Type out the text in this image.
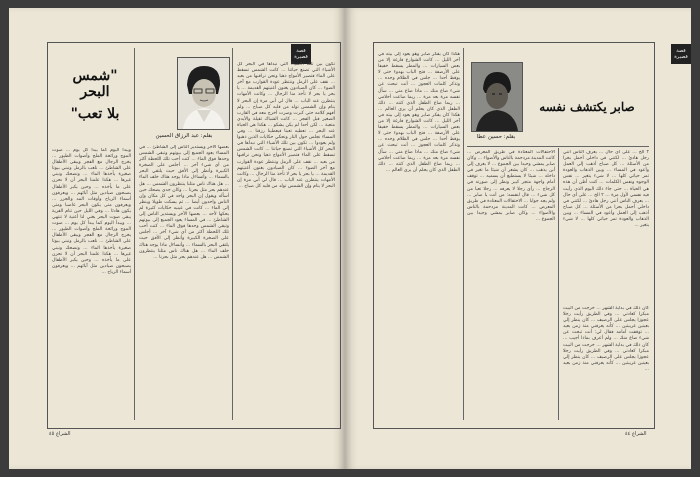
قصة قصيرة
تكون بين تلك الأشياء التي نبدأها في البحر كل الأشياء التي تصنع حياتنا ... كانت الشمس تسقط على الماء فتصير الأمواج ذهبا ونحن نراقبها من بعيد ... نقف على الرمل وننتظر عودة القوارب مع آخر الضوء ... كان الصيادون يغنون أغنيتهم القديمة ... يا بحر يا بحر لا تأخذ منا الرجال ... وكانت الأمهات ينتظرن عند الباب ... قال لي أبي مرة إن البحر لا ينام وإن الشمس تولد من قلبه كل صباح ... ولم أفهم كلامه حتى كبرت وصرت أخرج معه في القارب الصغير قبل الفجر ... كانت الشباك ثقيلة والأيدي متعبة ... لكن أحدا لم يكن يشكو ... هكذا هي الحياة عند البحر ... نعطيه تعبنا فيعطينا رزقنا ... وفي المساء نجلس حول النار ونحكي حكايات الذين ذهبوا ولم يعودوا ... تكون بين تلك الأشياء التي نبدأها في البحر كل الأشياء التي تصنع حياتنا ... كانت الشمس تسقط على الماء فتصير الأمواج ذهبا ونحن نراقبها من بعيد ... نقف على الرمل وننتظر عودة القوارب مع آخر الضوء ... كان الصيادون يغنون أغنيتهم القديمة ... يا بحر يا بحر لا تأخذ منا الرجال ... وكانت الأمهات ينتظرن عند الباب ... قال لي أبي مرة إن البحر لا ينام وإن الشمس تولد من قلبه كل صباح ...
بقلم: عبد الرزاق الحسين
بعضها الآخر ويستدير الناس إلى الشاطئ ... في المساء يعود الجميع إلى بيوتهم وتبقى الشمس وحدها فوق الماء ... كنت أحب تلك اللحظة أكثر من أي شيء آخر ... أجلس على الصخرة الكبيرة وأنظر إلى الأفق حيث يلتقي البحر بالسماء ... وأتساءل ماذا يوجد هناك خلف الماء ... هل هناك ناس مثلنا ينتظرون الشمس ... هل عندهم بحر مثل بحرنا ... وكان جدي يضحك حين أسأله ويقول إن البحر واحد في كل مكان وإن الناس واحدون أيضا ... ثم يسكت طويلا وينظر إلى الماء ... كانت في عينيه حكايات كثيرة لم يحكها لأحد ... بعضها الآخر ويستدير الناس إلى الشاطئ ... في المساء يعود الجميع إلى بيوتهم وتبقى الشمس وحدها فوق الماء ... كنت أحب تلك اللحظة أكثر من أي شيء آخر ... أجلس على الصخرة الكبيرة وأنظر إلى الأفق حيث يلتقي البحر بالسماء ... وأتساءل ماذا يوجد هناك خلف الماء ... هل هناك ناس مثلنا ينتظرون الشمس ... هل عندهم بحر مثل بحرنا ...
"شمس البحر
بلا تعب"
ويبدأ اليوم كما يبدأ كل يوم ... صوت الموج ورائحة الملح وأصوات الطيور ... يخرج الرجال مع الفجر ويبقى الأطفال على الشاطئ ... نلعب بالرمل ونبني بيوتا صغيرة يأخذها الماء ... ونضحك ونبني غيرها ... هكذا علمنا البحر أن لا نحزن على ما يأخذه ... وحين يكبر الأطفال يصبحون صيادين مثل آبائهم ... ويعرفون أسماء الرياح وأوقات المد والجزر ... ويعرفون متى يكون البحر غاضبا ومتى يكون هادئا ... وفي الليل حين تنام القرية يبقى صوت البحر يغني لنا أغنية لا تنتهي ... ويبدأ اليوم كما يبدأ كل يوم ... صوت الموج ورائحة الملح وأصوات الطيور ... يخرج الرجال مع الفجر ويبقى الأطفال على الشاطئ ... نلعب بالرمل ونبني بيوتا صغيرة يأخذها الماء ... ونضحك ونبني غيرها ... هكذا علمنا البحر أن لا نحزن على ما يأخذه ... وحين يكبر الأطفال يصبحون صيادين مثل آبائهم ... ويعرفون أسماء الرياح ...
الشراع ٤٥
قصة قصيرة
هكذا كان يفكر صابر وهو يعود إلى بيته في آخر الليل ... كانت الشوارع فارغة إلا من بعض السيارات ... والمطر يسقط خفيفا على الأرصفة ... فتح الباب بهدوء حتى لا يوقظ أحدا ... جلس في الظلام وحده ... وتذكر كلمات العجوز ... أنت تبحث عن شيء ضاع منك ... ماذا ضاع مني ... سأل نفسه مرة بعد مرة ... ربما ضاعت أحلامي ... ربما ضاع الطفل الذي كنته ... ذلك الطفل الذي كان يحلم أن يرى العالم ... هكذا كان يفكر صابر وهو يعود إلى بيته في آخر الليل ... كانت الشوارع فارغة إلا من بعض السيارات ... والمطر يسقط خفيفا على الأرصفة ... فتح الباب بهدوء حتى لا يوقظ أحدا ... جلس في الظلام وحده ... وتذكر كلمات العجوز ... أنت تبحث عن شيء ضاع منك ... ماذا ضاع مني ... سأل نفسه مرة بعد مرة ... ربما ضاعت أحلامي ... ربما ضاع الطفل الذي كنته ... ذلك الطفل الذي كان يحلم أن يرى العالم ...
بقلم: حسين عطا
صابر يكتشف نفسه
٢ الخ ... على أي حال ... يعرف الناس أنني رجل هادئ ... لكنني في داخلي أحمل بحرا من الأسئلة ... كل صباح أذهب إلى العمل وأعود في المساء ... وبين الذهاب والعودة تمر حياتي كلها ... لا شيء يتغير ... نفس الوجوه ونفس الكلمات ... كنت أظن أن هذه هي الحياة ... حتى جاء ذلك اليوم الذي رأيت فيه نفسي لأول مرة ... ٢ الخ ... على أي حال ... يعرف الناس أنني رجل هادئ ... لكنني في داخلي أحمل بحرا من الأسئلة ... كل صباح أذهب إلى العمل وأعود في المساء ... وبين الذهاب والعودة تمر حياتي كلها ... لا شيء يتغير ...
كان ذلك في بداية الشهر ... خرجت من البيت مبكرا كعادتي ... وفي الطريق رأيت رجلا عجوزا يجلس على الرصيف ... كان ينظر إلي بعينين غريبتين ... كأنه يعرفني منذ زمن بعيد ... توقفت أمامه فقال لي: أنت تبحث عن شيء ضاع منك ... ولم أعرف بماذا أجيب ... كان ذلك في بداية الشهر ... خرجت من البيت مبكرا كعادتي ... وفي الطريق رأيت رجلا عجوزا يجلس على الرصيف ... كان ينظر إلي بعينين غريبتين ... كأنه يعرفني منذ زمن بعيد ...
الاحتفالات المعتادة في طريق المعرض ... كانت المدينة مزدحمة بالناس والأضواء ... وكان صابر يمشي وحيدا بين الجموع ... لا يعرف إلى أين يذهب ... كان يشعر أن شيئا ما تغير في داخله ... شيئا لا يستطيع أن يسميه ... توقف أمام واجهة متجر كبير ونظر إلى صورته في الزجاج ... رأى رجلا لا يعرفه ... رجلا تعبا من كل شيء ... قال لنفسه: من أنت يا صابر ... ولم يجد جوابا ... الاحتفالات المعتادة في طريق المعرض ... كانت المدينة مزدحمة بالناس والأضواء ... وكان صابر يمشي وحيدا بين الجموع ...
الشراع ٤٤
